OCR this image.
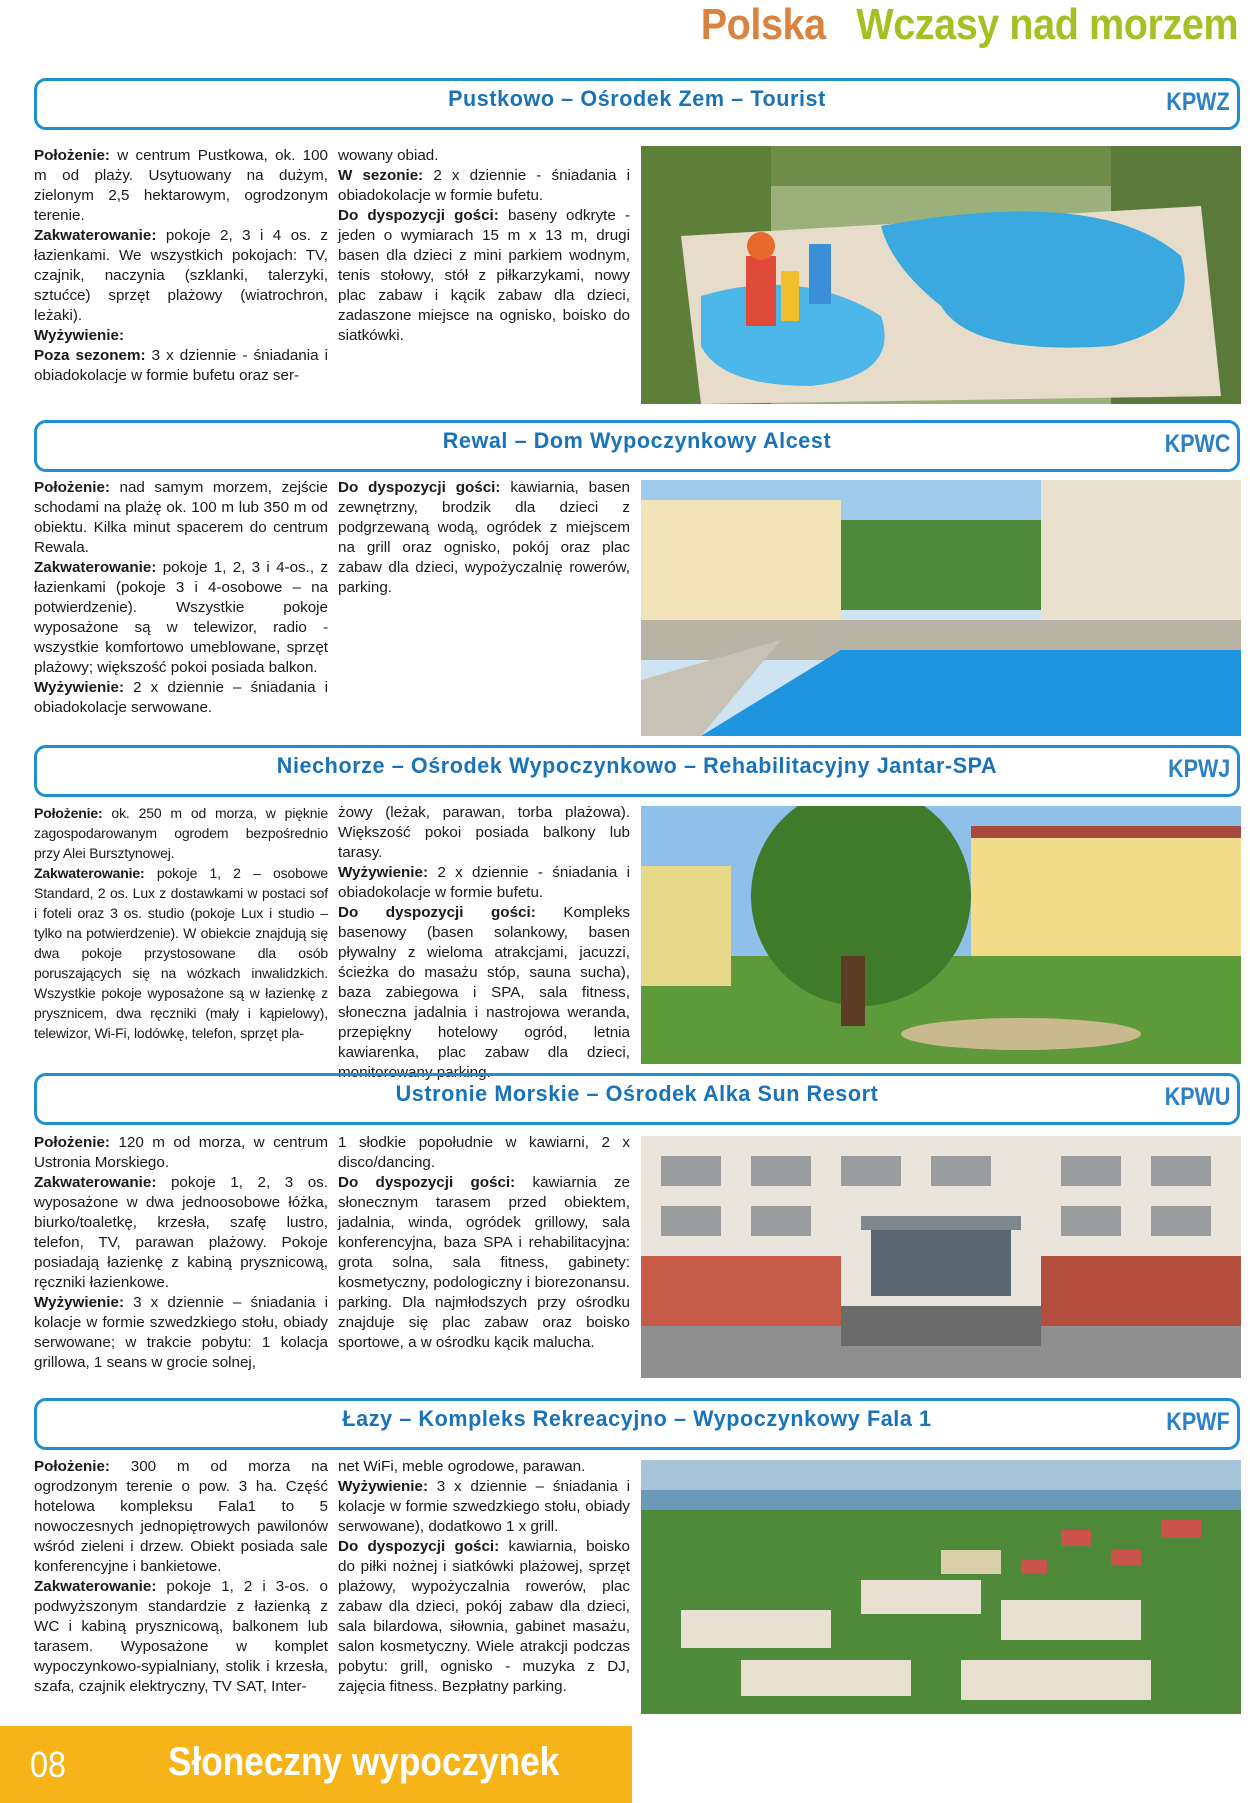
Polska Wczasy nad morzem
Pustkowo – Ośrodek Zem – Tourist	KPWZ

Położenie: w centrum Pustkowa, ok. 100 m od plaży. Usytuowany na dużym, zielonym 2,5 hektarowym, ogrodzonym terenie.

Zakwaterowanie: pokoje 2, 3 i 4 os. z łazienkami. We wszystkich pokojach: TV, czajnik, naczynia (szklanki, talerzyki, sztućce) sprzęt plażowy (wiatrochron, leżaki).

Wyżywienie:

Poza sezonem: 3 x dziennie - śniadania i obiadokolacje w formie bufetu oraz ser-

wowany obiad.

W sezonie: 2 x dziennie - śniadania i obiadokolacje w formie bufetu.

Do dyspozycji gości: baseny odkryte - jeden o wymiarach 15 m x 13 m, drugi basen dla dzieci z mini parkiem wodnym, tenis stołowy, stół z piłkarzykami, nowy plac zabaw i kącik zabaw dla dzieci, zadaszone miejsce na ognisko, boisko do siatkówki.

Rewal – Dom Wypoczynkowy Alcest	KPWC

Położenie: nad samym morzem, zejście schodami na plażę ok. 100 m lub 350 m od obiektu. Kilka minut spacerem do centrum Rewala.

Zakwaterowanie: pokoje 1, 2, 3 i 4-os., z łazienkami (pokoje 3 i 4-osobowe – na potwierdzenie). Wszystkie pokoje wyposażone są w telewizor, radio - wszystkie komfortowo umeblowane, sprzęt plażowy; większość pokoi posiada balkon.

Wyżywienie: 2 x dziennie – śniadania i obiadokolacje serwowane.

Do dyspozycji gości: kawiarnia, basen zewnętrzny, brodzik dla dzieci z podgrzewaną wodą, ogródek z miejscem na grill oraz ognisko, pokój oraz plac zabaw dla dzieci, wypożyczalnię rowerów, parking.

Niechorze – Ośrodek Wypoczynkowo – Rehabilitacyjny Jantar-SPA	KPWJ

Położenie: ok. 250 m od morza, w pięknie zagospodarowanym ogrodem bezpośrednio przy Alei Bursztynowej.

Zakwaterowanie: pokoje 1, 2 – osobowe Standard, 2 os. Lux z dostawkami w postaci sof i foteli oraz 3 os. studio (pokoje Lux i studio – tylko na potwierdzenie). W obiekcie znajdują się dwa pokoje przystosowane dla osób poruszających się na wózkach inwalidzkich. Wszystkie pokoje wyposażone są w łazienkę z prysznicem, dwa ręczniki (mały i kąpielowy), telewizor, Wi-Fi, lodówkę, telefon, sprzęt pla-

żowy (leżak, parawan, torba plażowa). Większość pokoi posiada balkony lub tarasy.

Wyżywienie: 2 x dziennie - śniadania i obiadokolacje w formie bufetu.

Do dyspozycji gości: Kompleks basenowy (basen solankowy, basen pływalny z wieloma atrakcjami, jacuzzi, ścieżka do masażu stóp, sauna sucha), baza zabiegowa i SPA, sala fitness, słoneczna jadalnia i nastrojowa weranda, przepiękny hotelowy ogród, letnia kawiarenka, plac zabaw dla dzieci, monitorowany parking.

Ustronie Morskie – Ośrodek Alka Sun Resort	KPWU

Położenie: 120 m od morza, w centrum Ustronia Morskiego.

Zakwaterowanie: pokoje 1, 2, 3 os. wyposażone w dwa jednoosobowe łóżka, biurko/toaletkę, krzesła, szafę lustro, telefon, TV, parawan plażowy. Pokoje posiadają łazienkę z kabiną prysznicową, ręczniki łazienkowe.

Wyżywienie: 3 x dziennie – śniadania i kolacje w formie szwedzkiego stołu, obiady serwowane; w trakcie pobytu: 1 kolacja grillowa, 1 seans w grocie solnej,

1 słodkie popołudnie w kawiarni, 2 x disco/dancing.

Do dyspozycji gości: kawiarnia ze słonecznym tarasem przed obiektem, jadalnia, winda, ogródek grillowy, sala konferencyjna, baza SPA i rehabilitacyjna: grota solna, sala fitness, gabinety: kosmetyczny, podologiczny i biorezonansu. parking. Dla najmłodszych przy ośrodku znajduje się plac zabaw oraz boisko sportowe, a w ośrodku kącik malucha.

Łazy – Kompleks Rekreacyjno – Wypoczynkowy Fala 1	KPWF

Położenie: 300 m od morza na ogrodzonym terenie o pow. 3 ha. Część hotelowa kompleksu Fala1 to 5 nowoczesnych jednopiętrowych pawilonów wśród zieleni i drzew. Obiekt posiada sale konferencyjne i bankietowe.

Zakwaterowanie: pokoje 1, 2 i 3-os. o podwyższonym standardzie z łazienką z WC i kabiną prysznicową, balkonem lub tarasem. Wyposażone w komplet wypoczynkowo-sypialniany, stolik i krzesła, szafa, czajnik elektryczny, TV SAT, Inter-

net WiFi, meble ogrodowe, parawan.

Wyżywienie: 3 x dziennie – śniadania i kolacje w formie szwedzkiego stołu, obiady serwowane), dodatkowo 1 x grill.

Do dyspozycji gości: kawiarnia, boisko do piłki nożnej i siatkówki plażowej, sprzęt plażowy, wypożyczalnia rowerów, plac zabaw dla dzieci, pokój zabaw dla dzieci, sala bilardowa, siłownia, gabinet masażu, salon kosmetyczny. Wiele atrakcji podczas pobytu: grill, ognisko - muzyka z DJ, zajęcia fitness. Bezpłatny parking.

08	Słoneczny wypoczynek
